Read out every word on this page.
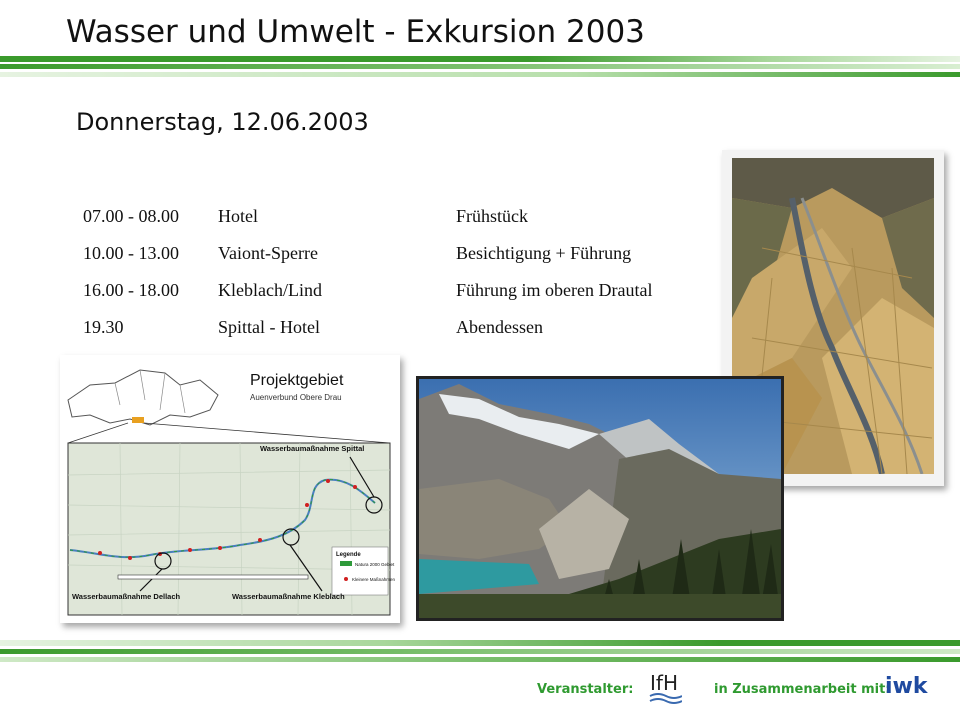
Wasser und Umwelt - Exkursion 2003
Donnerstag, 12.06.2003
07.00 - 08.00 Hotel	Frühstück
10.00 - 13.00 Vaiont-Sperre	Besichtigung + Führung
16.00 - 18.00 Kleblach/Lind	Führung im oberen Drautal
19.30	Spittal - Hotel	Abendessen
Projektgebiet
Auenverbund Obere Drau
Wasserbaumaßnahme Spittal
Wasserbaumaßnahme Dellach	Wasserbaumaßnahme Kleblach
Legende
Natura 2000 Gebiet
Kleinere Maßnahmen
Veranstalter: IfH	in Zusammenarbeit mit:
iwk
